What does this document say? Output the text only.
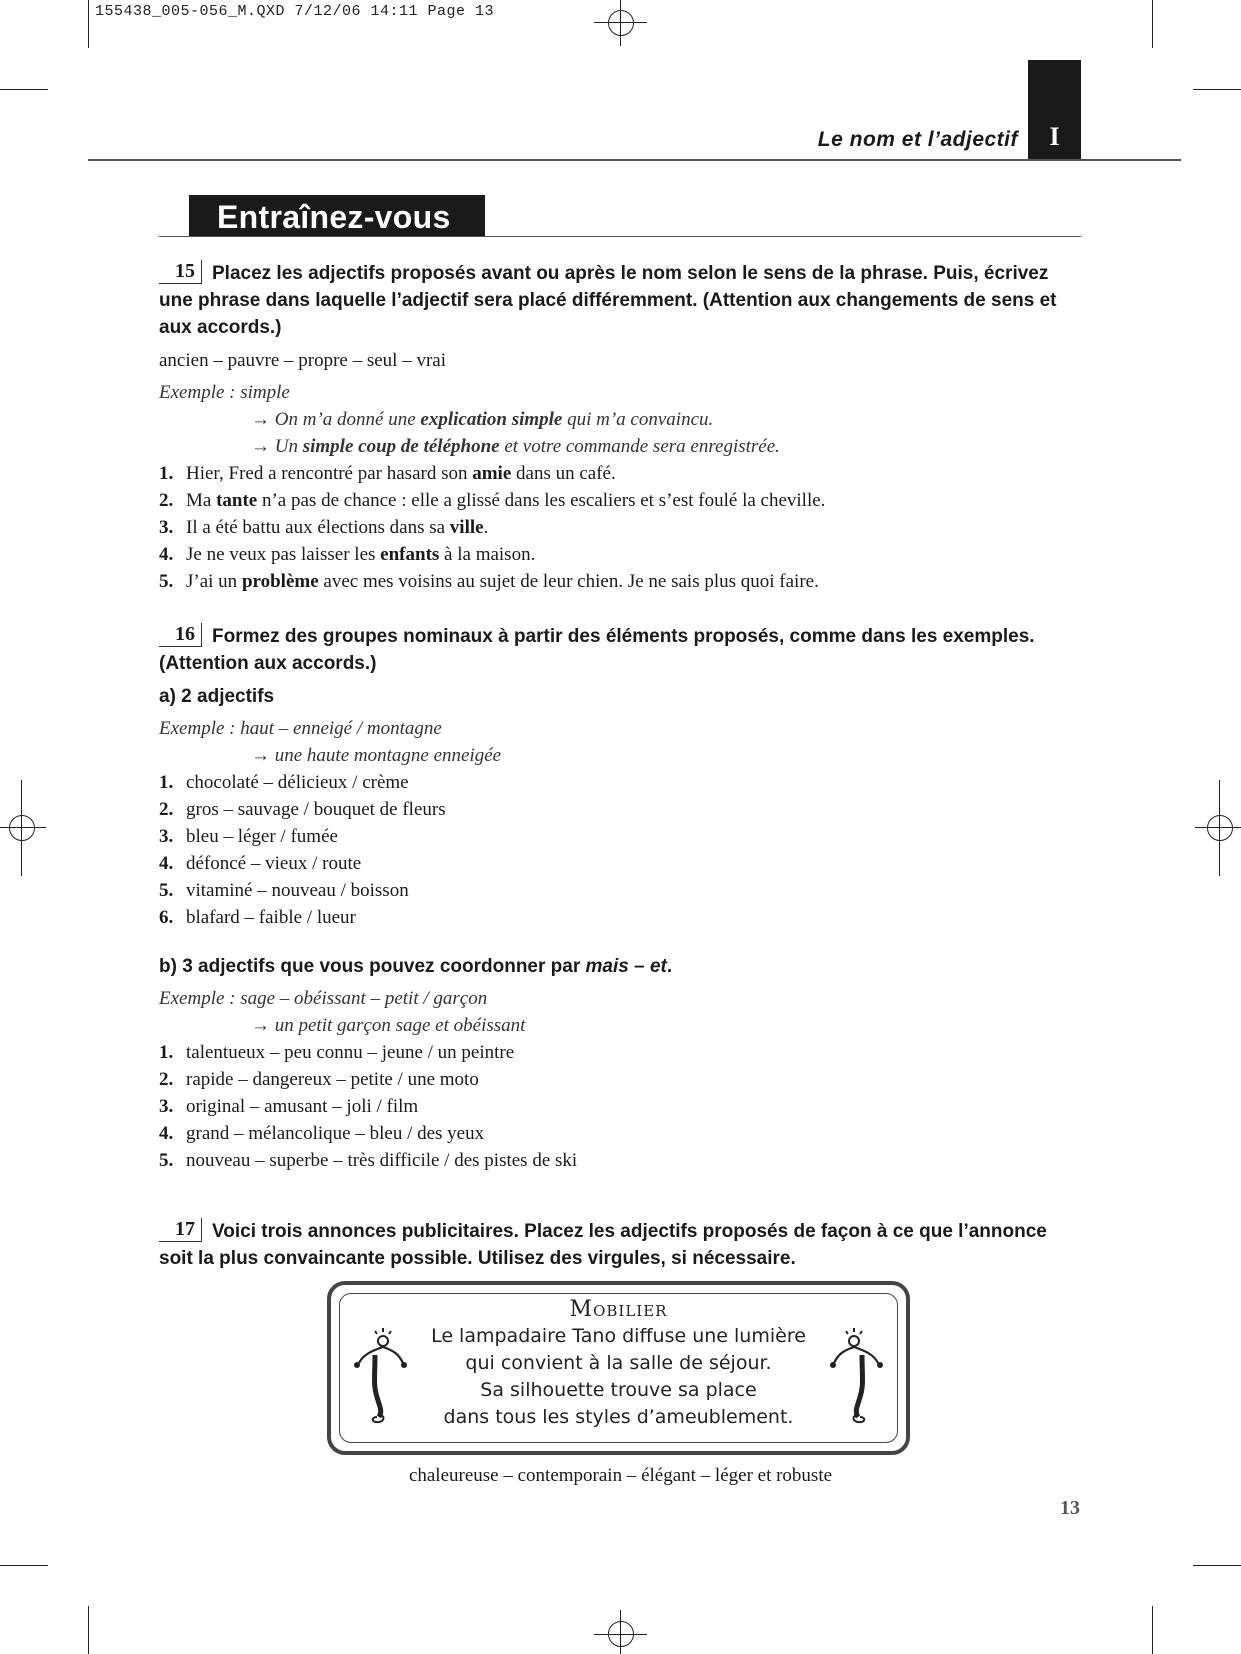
155438_005-056_M.QXD 7/12/06 14:11 Page 13
Le nom et l’adjectif	I
Entraînez-vous

15 Placez les adjectifs proposés avant ou après le nom selon le sens de la phrase. Puis, écrivez une phrase dans laquelle l’adjectif sera placé différemment. (Attention aux changements de sens et aux accords.)

ancien – pauvre – propre – seul – vrai
Exemple : simple
→ On m’a donné une explication simple qui m’a convaincu.
→ Un simple coup de téléphone et votre commande sera enregistrée.
1. Hier, Fred a rencontré par hasard son amie dans un café.
2. Ma tante n’a pas de chance : elle a glissé dans les escaliers et s’est foulé la cheville.
3. Il a été battu aux élections dans sa ville.
4. Je ne veux pas laisser les enfants à la maison.
5. J’ai un problème avec mes voisins au sujet de leur chien. Je ne sais plus quoi faire.

16 Formez des groupes nominaux à partir des éléments proposés, comme dans les exemples. (Attention aux accords.)

a) 2 adjectifs
Exemple : haut – enneigé / montagne
→ une haute montagne enneigée
1. chocolaté – délicieux / crème
2. gros – sauvage / bouquet de fleurs
3. bleu – léger / fumée
4. défoncé – vieux / route
5. vitaminé – nouveau / boisson
6. blafard – faible / lueur
b) 3 adjectifs que vous pouvez coordonner par mais – et.
Exemple : sage – obéissant – petit / garçon
→ un petit garçon sage et obéissant
1. talentueux – peu connu – jeune / un peintre
2. rapide – dangereux – petite / une moto
3. original – amusant – joli / film
4. grand – mélancolique – bleu / des yeux
5. nouveau – superbe – très difficile / des pistes de ski

17 Voici trois annonces publicitaires. Placez les adjectifs proposés de façon à ce que l’annonce soit la plus convaincante possible. Utilisez des virgules, si nécessaire.

Mobilier
Le lampadaire Tano diffuse une lumière
qui convient à la salle de séjour.
Sa silhouette trouve sa place
dans tous les styles d’ameublement.
chaleureuse – contemporain – élégant – léger et robuste
13
